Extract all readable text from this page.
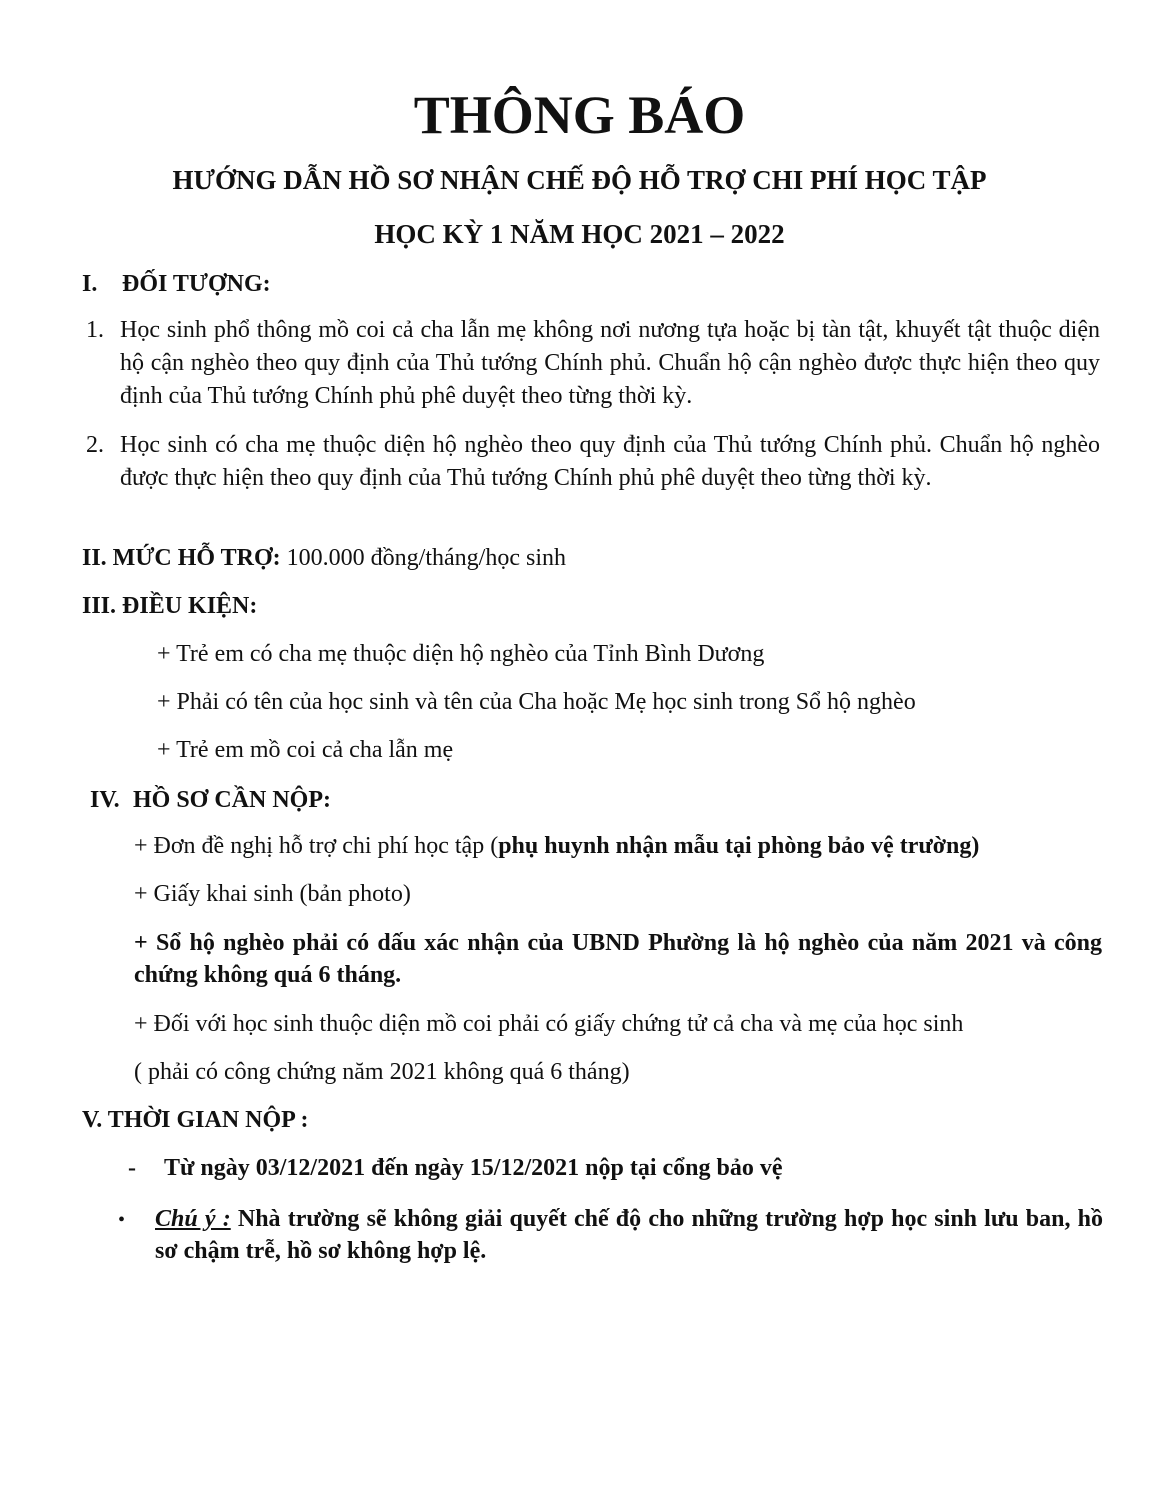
THÔNG BÁO
HƯỚNG DẪN HỒ SƠ NHẬN CHẾ ĐỘ HỖ TRỢ CHI PHÍ HỌC TẬP
HỌC KỲ 1 NĂM HỌC 2021 – 2022
I. ĐỐI TƯỢNG:
1. Học sinh phổ thông mồ coi cả cha lẫn mẹ không nơi nương tựa hoặc bị tàn tật, khuyết tật thuộc diện hộ cận nghèo theo quy định của Thủ tướng Chính phủ. Chuẩn hộ cận nghèo được thực hiện theo quy định của Thủ tướng Chính phủ phê duyệt theo từng thời kỳ.
2. Học sinh có cha mẹ thuộc diện hộ nghèo theo quy định của Thủ tướng Chính phủ. Chuẩn hộ nghèo được thực hiện theo quy định của Thủ tướng Chính phủ phê duyệt theo từng thời kỳ.
II. MỨC HỖ TRỢ: 100.000 đồng/tháng/học sinh
III. ĐIỀU KIỆN:
+ Trẻ em có cha mẹ thuộc diện hộ nghèo của Tỉnh Bình Dương
+ Phải có tên của học sinh và tên của Cha hoặc Mẹ học sinh trong Sổ hộ nghèo
+ Trẻ em mồ coi cả cha lẫn mẹ
IV. HỒ SƠ CẦN NỘP:
+ Đơn đề nghị hỗ trợ chi phí học tập (phụ huynh nhận mẫu tại phòng bảo vệ trường)
+ Giấy khai sinh (bản photo)
+ Sổ hộ nghèo phải có dấu xác nhận của UBND Phường là hộ nghèo của năm 2021 và công chứng không quá 6 tháng.
+ Đối với học sinh thuộc diện mồ coi phải có giấy chứng tử cả cha và mẹ của học sinh
( phải có công chứng năm 2021 không quá 6 tháng)
V. THỜI GIAN NỘP :
- Từ ngày 03/12/2021 đến ngày 15/12/2021 nộp tại cổng bảo vệ
• Chú ý : Nhà trường sẽ không giải quyết chế độ cho những trường hợp học sinh lưu ban, hồ sơ chậm trễ, hồ sơ không hợp lệ.
